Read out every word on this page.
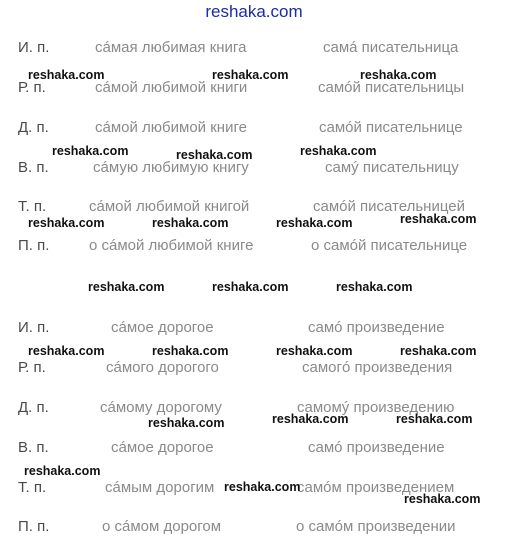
reshaka.com
И. п.	сáмая любимая книга	самá писательница
Р. п.	сáмой любимой книги	самóй писательницы
Д. п.	сáмой любимой книге	самóй писательнице
В. п.	сáмую любимую книгу	самý писательницу
Т. п.	сáмой любимой книгой	самóй писательницей
П. п.	о сáмой любимой книге	о самóй писательнице
И. п.	сáмое дорогое	самó произведение
Р. п.	сáмого дорогого	самогó произведения
Д. п.	сáмому дорогому	самомý произведению
В. п.	сáмое дорогое	самó произведение
Т. п.	сáмым дорогим	самóм произведением
П. п.	о сáмом дорогом	о самóм произведении
reshaka.com	reshaka.com	reshaka.com
reshaka.com	reshaka.com	reshaka.com
reshaka.com
reshaka.com	reshaka.com	reshaka.com
reshaka.com	reshaka.com	reshaka.com
reshaka.com	reshaka.com	reshaka.com	reshaka.com
reshaka.com	reshaka.com	reshaka.com
reshaka.com
reshaka.com
reshaka.com
